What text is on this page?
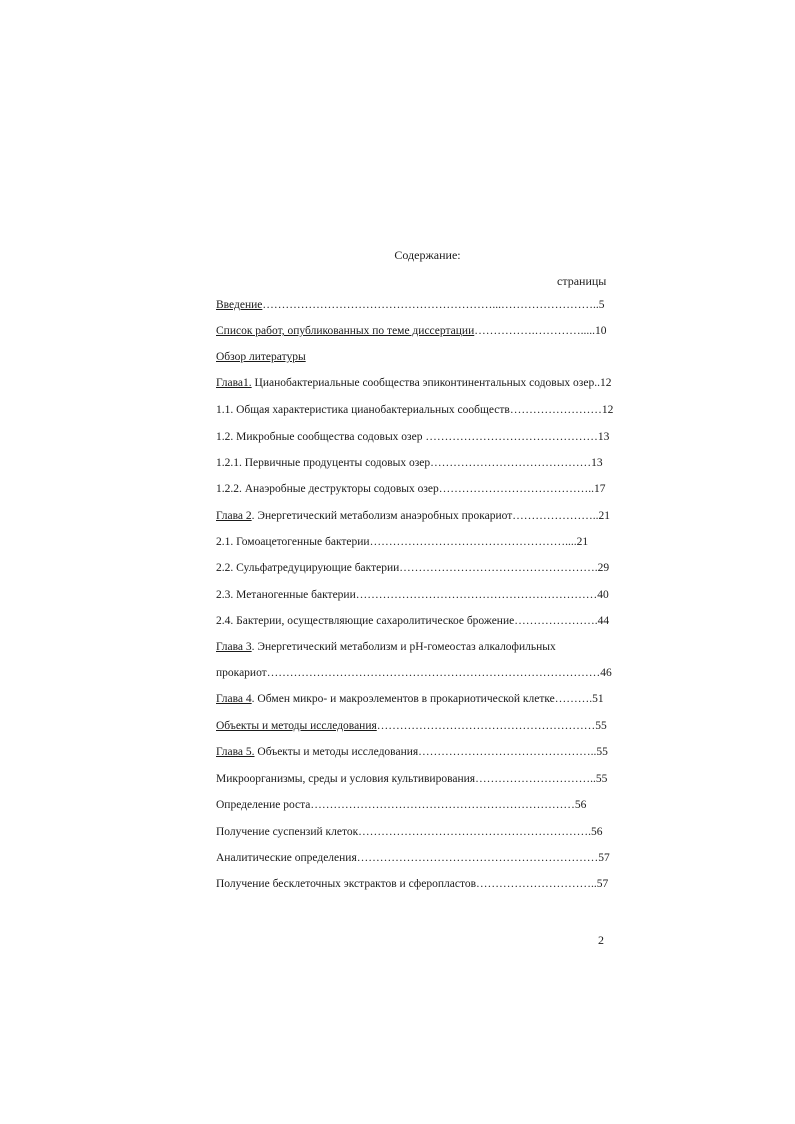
Содержание:
страницы
Введение……………………………………………………...……………………..5
Список работ, опубликованных по теме диссертации…………….………….....10
Обзор литературы
Глава1. Цианобактериальные сообщества эпиконтинентальных содовых озер..12
1.1. Общая характеристика цианобактериальных сообществ……………………12
1.2. Микробные сообщества содовых озер ………………………………………13
1.2.1. Первичные продуценты содовых озер……………………………………13
1.2.2. Анаэробные деструкторы содовых озер…………………………………..17
Глава 2. Энергетический метаболизм анаэробных прокариот…………………..21
2.1. Гомоацетогенные бактерии……………………………………………....21
2.2. Сульфатредуцирующие бактерии…………………………………………….29
2.3. Метаногенные бактерии………………………………………………………40
2.4. Бактерии, осуществляющие сахаролитическое брожение………………….44
Глава 3. Энергетический метаболизм и pH-гомеостаз алкалофильных
прокариот……………………………………………………………………………46
Глава 4. Обмен микро- и макроэлементов в прокариотической клетке……….51
Объекты и методы исследования…………………………………………………55
Глава 5. Объекты и методы исследования………………………………………..55
Микроорганизмы, среды и условия культивирования…………………………..55
Определение роста……………………………………………………………56
Получение суспензий клеток…………………………………………………….56
Аналитические определения………………………………………………………57
Получение бесклеточных экстрактов и сферопластов…………………………..57
2
